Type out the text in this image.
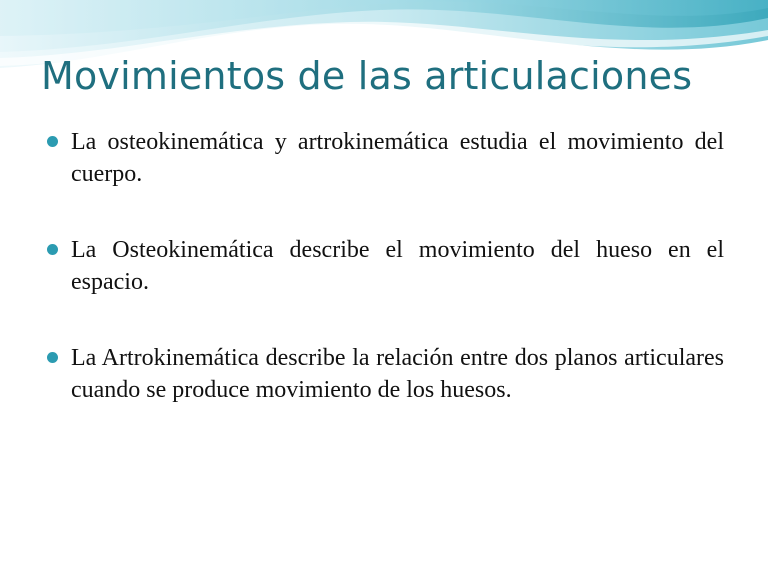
Movimientos de las articulaciones
La osteokinemática y artrokinemática estudia el movimiento del cuerpo.
La Osteokinemática describe el movimiento del hueso en el espacio.
La Artrokinemática describe la relación entre dos planos articulares cuando se produce movimiento de los huesos.
